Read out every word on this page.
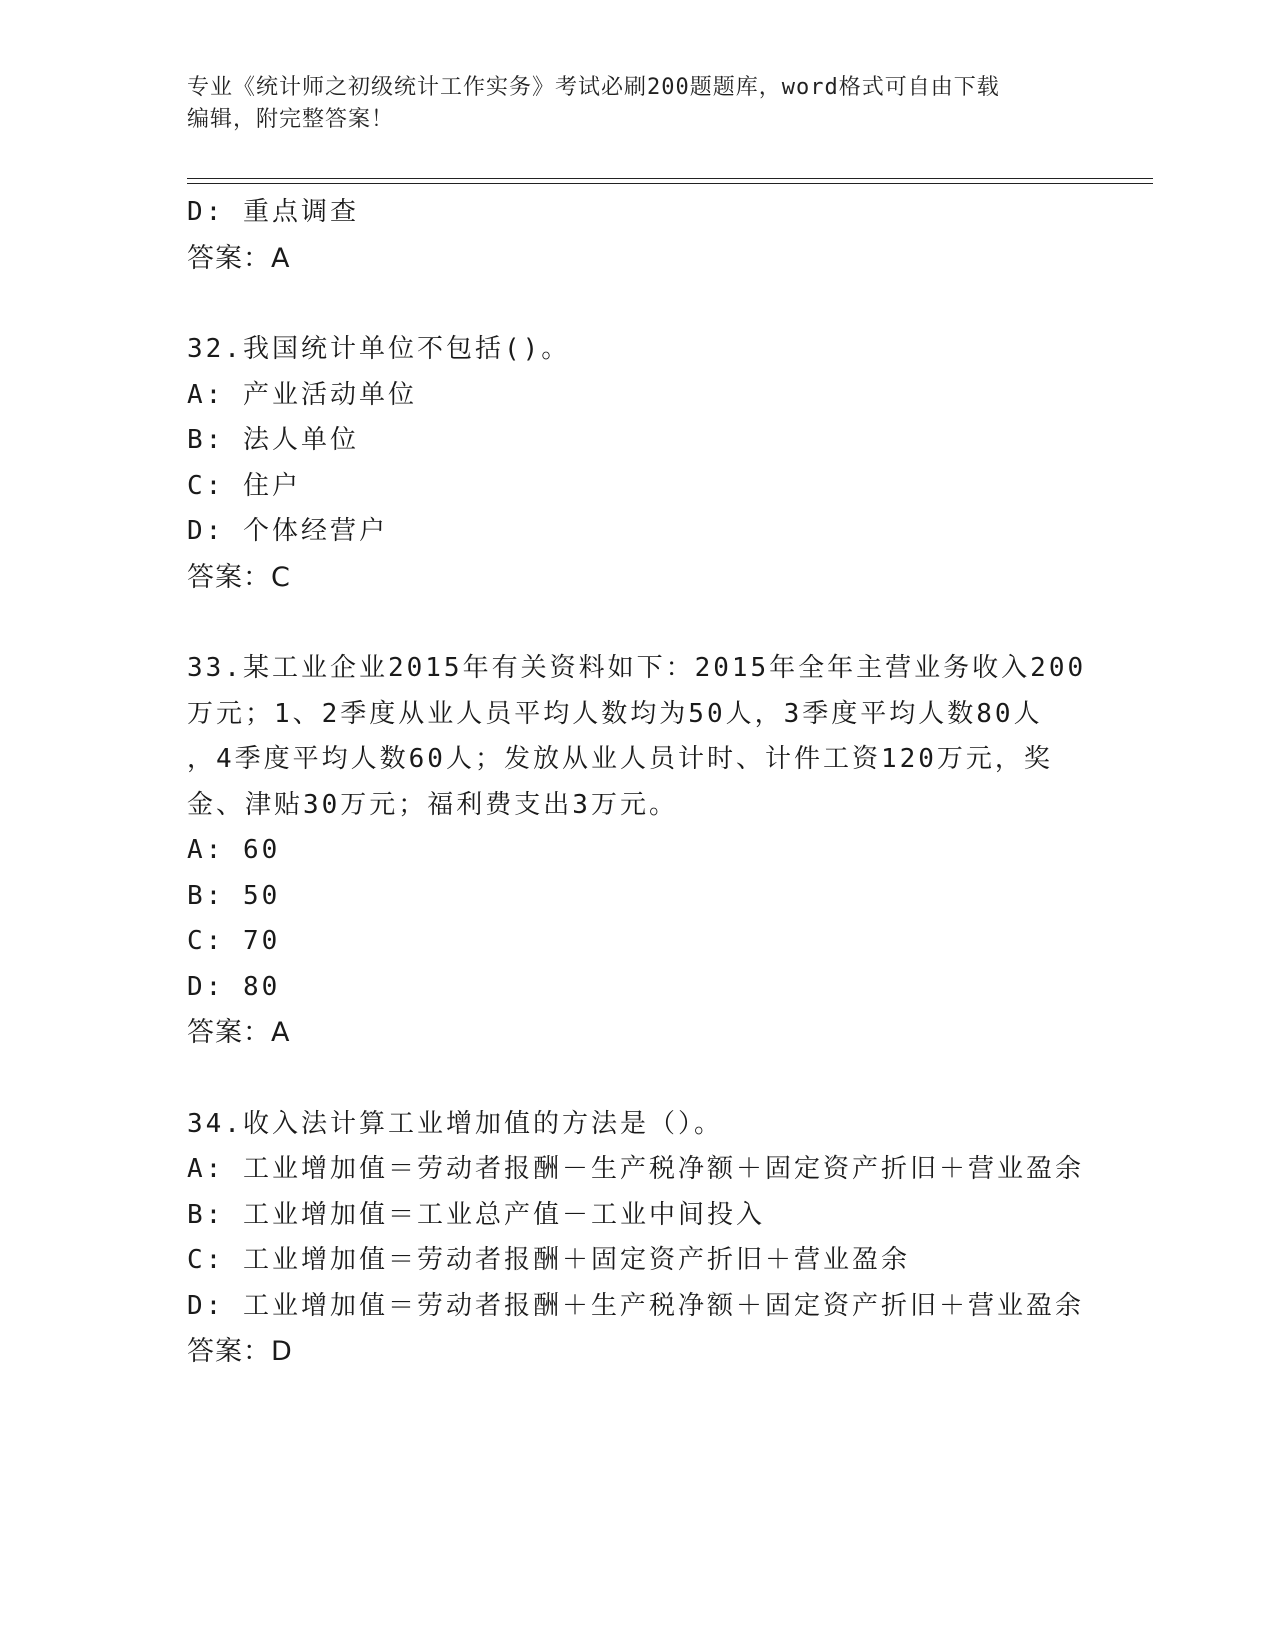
专业《统计师之初级统计工作实务》考试必刷200题题库，word格式可自由下载
编辑，附完整答案！
D: 重点调查
答案：A
32.我国统计单位不包括()。
A: 产业活动单位
B: 法人单位
C: 住户
D: 个体经营户
答案：C
33.某工业企业2015年有关资料如下：2015年全年主营业务收入200
万元；1、2季度从业人员平均人数均为50人，3季度平均人数80人
，4季度平均人数60人；发放从业人员计时、计件工资120万元，奖
金、津贴30万元；福利费支出3万元。
A: 60
B: 50
C: 70
D: 80
答案：A
34.收入法计算工业增加值的方法是（）。
A: 工业增加值＝劳动者报酬－生产税净额＋固定资产折旧＋营业盈余
B: 工业增加值＝工业总产值－工业中间投入
C: 工业增加值＝劳动者报酬＋固定资产折旧＋营业盈余
D: 工业增加值＝劳动者报酬＋生产税净额＋固定资产折旧＋营业盈余
答案：D
